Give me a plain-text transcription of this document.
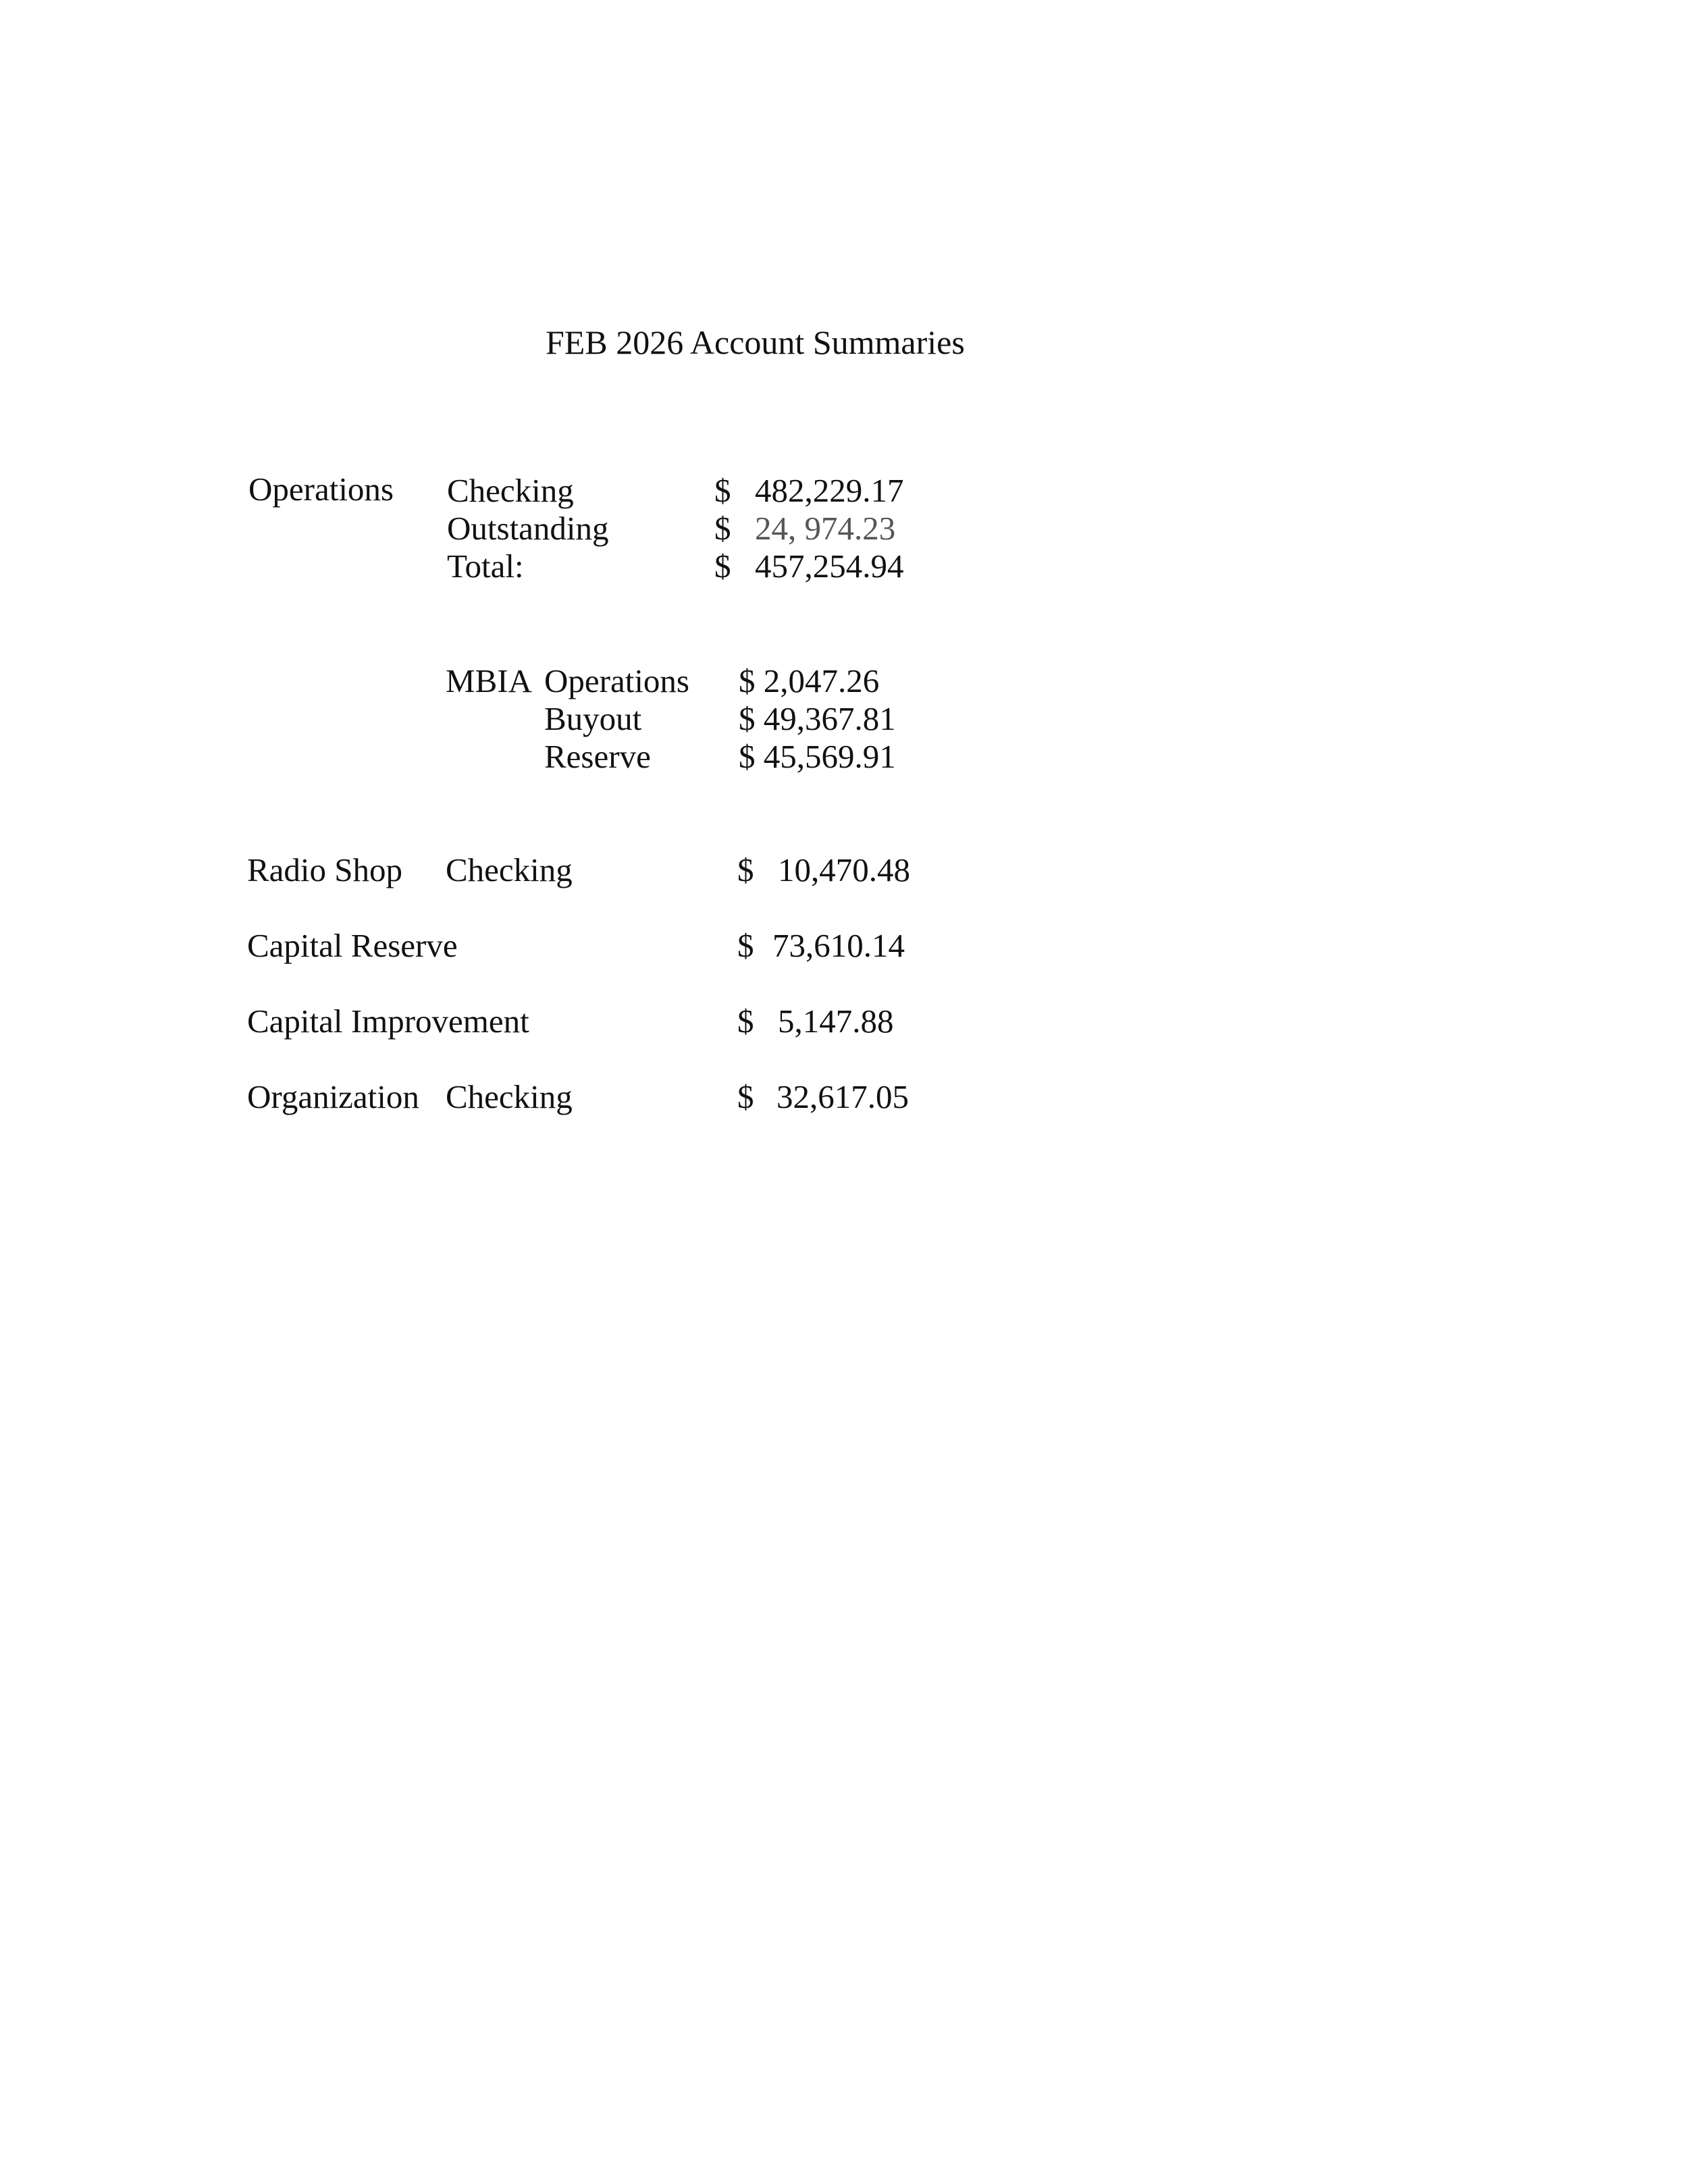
FEB 2026 Account Summaries
Operations Checking	$ 482,229.17
Outstanding	$ 24, 974.23
Total:	$ 457,254.94
MBIA Operations $ 2,047.26
Buyout	$ 49,367.81
Reserve	$ 45,569.91
Radio Shop Checking	$ 10,470.48
Capital Reserve	$ 73,610.14
Capital Improvement	$ 5,147.88
Organization Checking	$ 32,617.05
